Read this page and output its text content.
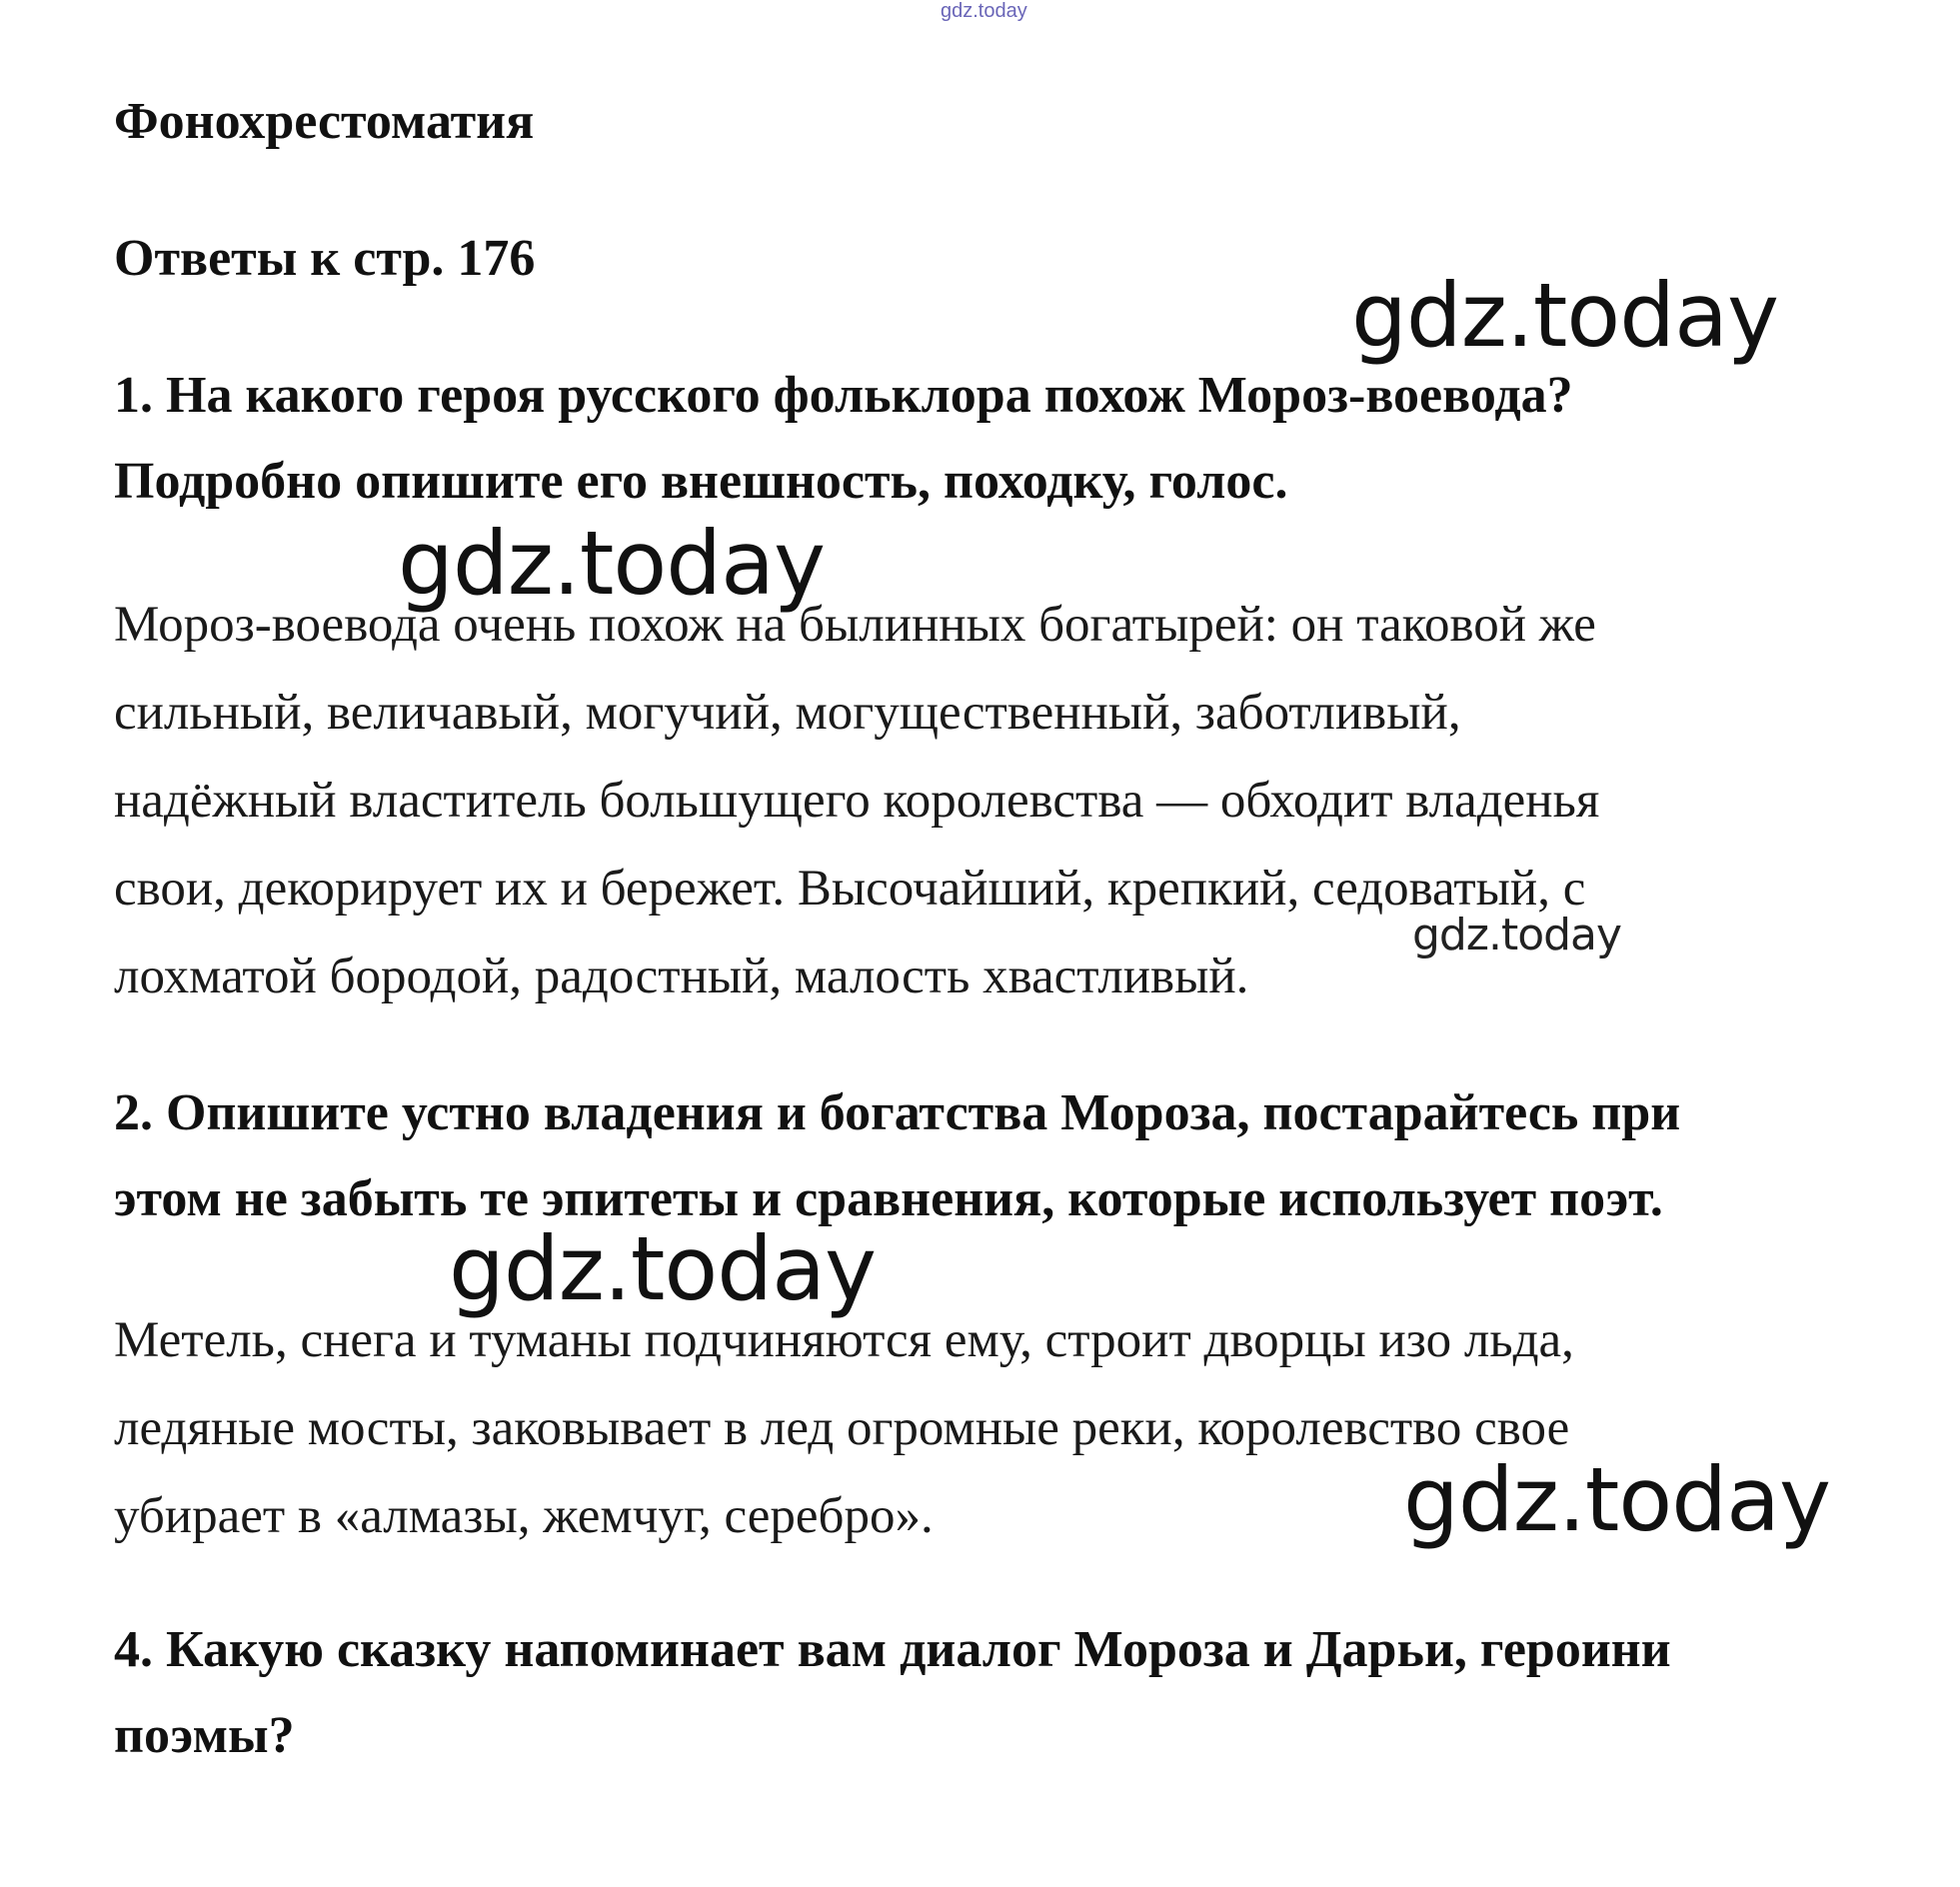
gdz.today
Фонохрестоматия
Ответы к стр. 176
1. На какого героя русского фольклора похож Мороз-воевода?
Подробно опишите его внешность, походку, голос.
Мороз-воевода очень похож на былинных богатырей: он таковой же
сильный, величавый, могучий, могущественный, заботливый,
надёжный властитель большущего королевства — обходит владенья
свои, декорирует их и бережет. Высочайший, крепкий, седоватый, с
лохматой бородой, радостный, малость хвастливый.
2. Опишите устно владения и богатства Мороза, постарайтесь при
этом не забыть те эпитеты и сравнения, которые использует поэт.
Метель, снега и туманы подчиняются ему, строит дворцы изо льда,
ледяные мосты, заковывает в лед огромные реки, королевство свое
убирает в «алмазы, жемчуг, серебро».
4. Какую сказку напоминает вам диалог Мороза и Дарьи, героини
поэмы?
gdz.today
gdz.today
gdz.today
gdz.today
gdz.today
